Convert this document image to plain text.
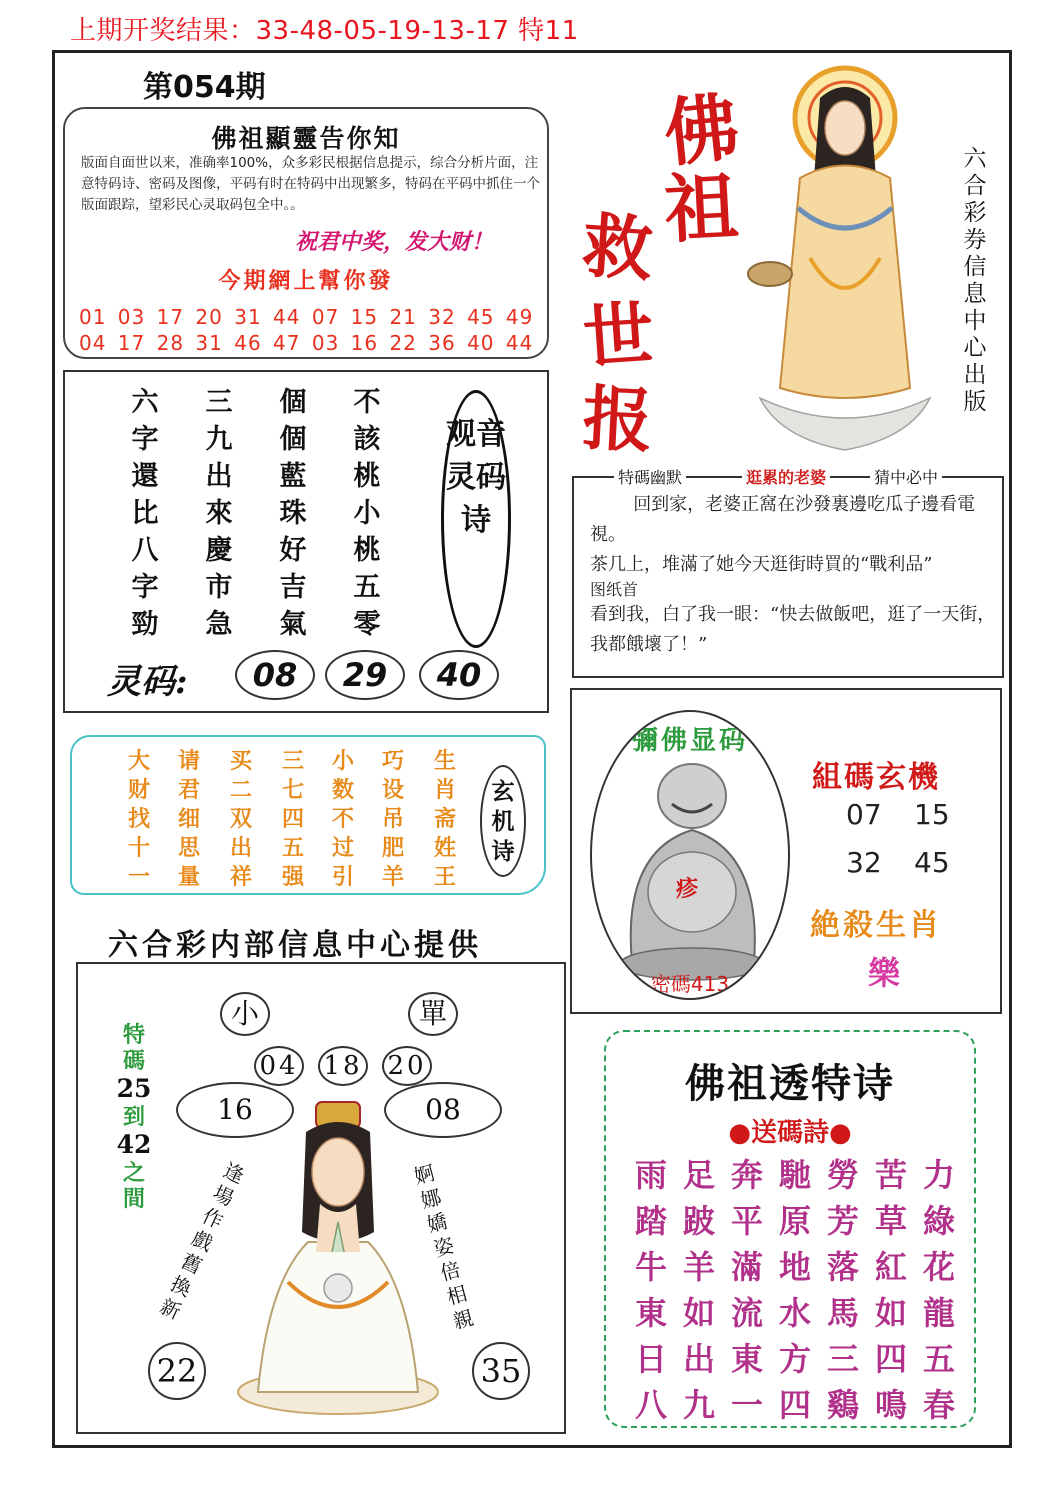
上期开奖结果：33-48-05-19-13-17 特11
第054期
佛祖顯靈告你知
版面自面世以来，准确率100%，众多彩民根据信息提示，综合分析片面，注意特码诗、密码及图像，平码有时在特码中出现繁多，特码在平码中抓住一个版面跟踪，望彩民心灵取码包全中。。
祝君中奖，发大财！
今期網上幫你發
01 03 17 20 31 44 07 15 21 32 45 49
04 17 28 31 46 47 03 16 22 36 40 44
六字還比八字勁
三九出來慶市急
個個藍珠好吉氣
不該桃小桃五零
观音灵码诗
灵码:	08	29	40
大财找十一
请君细思量
买二双出祥
三七四五强
小数不过引
巧设吊肥羊
生肖斋姓王
玄机诗
六合彩内部信息中心提供
小	單
04 18 20
16	08
特
碼
25
到
42
之間
逢場作戲舊換新
婀娜嬌姿倍相親
22	35
佛
祖
救
世
报
六合彩券信息中心出版
特碼幽默	逛累的老婆	猜中必中
回到家，老婆正窩在沙發裏邊吃瓜子邊看電視。
茶几上，堆滿了她今天逛街時買的“戰利品”
图纸首
看到我，白了我一眼：“快去做飯吧，逛了一天街，我都餓壞了！”
彌佛显码
疹
密碼413
組碼玄機
07 15
32 45
絶殺生肖
樂
佛祖透特诗
●送碼詩●
雨踏牛東日八
足跛羊如出九
奔平滿流東一
馳原地水方四
勞芳落馬三鷄
苦草紅如四鳴
力綠花龍五春
